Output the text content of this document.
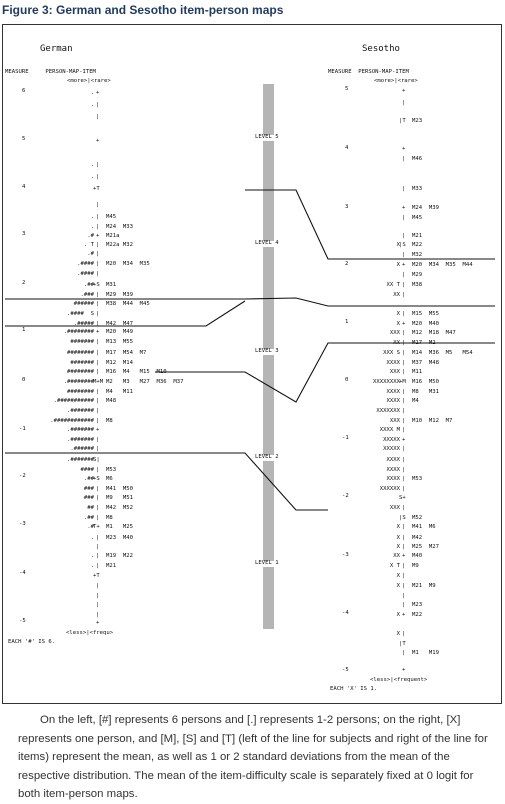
Figure 3: German and Sesotho item-person maps
German
MEASURE     PERSON-MAP-ITEM
<more>|<rare>
6
5
4
3
2
1
0
-1
-2
-3
-4
-5
. +
. |
|
+
. |
. |
+T
|
. | M45
. | M24  M33
.# + M21a
. T | M22a M32
.# |
.#### | M20  M34  M35
.#### |
.## +S M31
.### | M29  M39
###### | M38  M44  M45
.####  S |
.##### | M42  M47
.######## + M20  M49
####### | M13  M55
######## | M17  M54  M7
####### | M12  M14
######## | M16  M4   M15  M10
.######## M+M M2   M3   M27  M36  M37
######## | M4   M11
.########### | M48
.####### |
.############ | M8
.####### +
.####### |
.###### |
.####### S|
#### | M53
.## +S M6
### | M41  M50
### | M9   M51
## | M42  M52
.## | M8
.# T+ M1   M25
. | M23  M40
|
. | M19  M22
. | M21
+T
|
|
|
|
+
<less>|<frequ>
EACH '#' IS 6.
Sesotho
MEASURE  PERSON-MAP-ITEM
<more>|<rare>
5
4
3
2
1
0
-1
-2
-3
-4
-5
+
|
|T M23
+
| M46
| M33
+ M24  M39
| M45
| M21
X |S M22
| M32
X + M20  M34  M35  M44
| M29
XX T | M38
XX |
X | M15  M55
X + M20  M40
XXX | M12  M18  M47
XX | M17  M2
XXX S | M14  M36  M5   M54
XXXX | M37  M48
XXX | M11
XXXXXXXX +M M16  M50
XXXX | M8   M31
XXXX | M4
XXXXXXX |
XXX | M10  M12  M7
XXXX M |
XXXXX +
XXXXX |
XXXX |
XXXX |
XXXX | M53
XXXXXX |
S+
XXX |
|S M52
X | M41  M6
X | M42
X | M25  M27
XX + M40
X T | M9
X |
X | M21  M9
|
| M23
X + M22
X |
|T
| M1   M19
+
<less>|<frequent>
EACH 'X' IS 1.
LEVEL 5
LEVEL 4
LEVEL 3
LEVEL 2
LEVEL 1

On the left, [#] represents 6 persons and [.] represents 1-2 persons; on the right, [X] represents one person, and [M], [S] and [T] (left of the line for subjects and right of the line for items) represent the mean, as well as 1 or 2 standard deviations from the mean of the respective distribution. The mean of the item-difficulty scale is separately fixed at 0 logit for both item-person maps.
